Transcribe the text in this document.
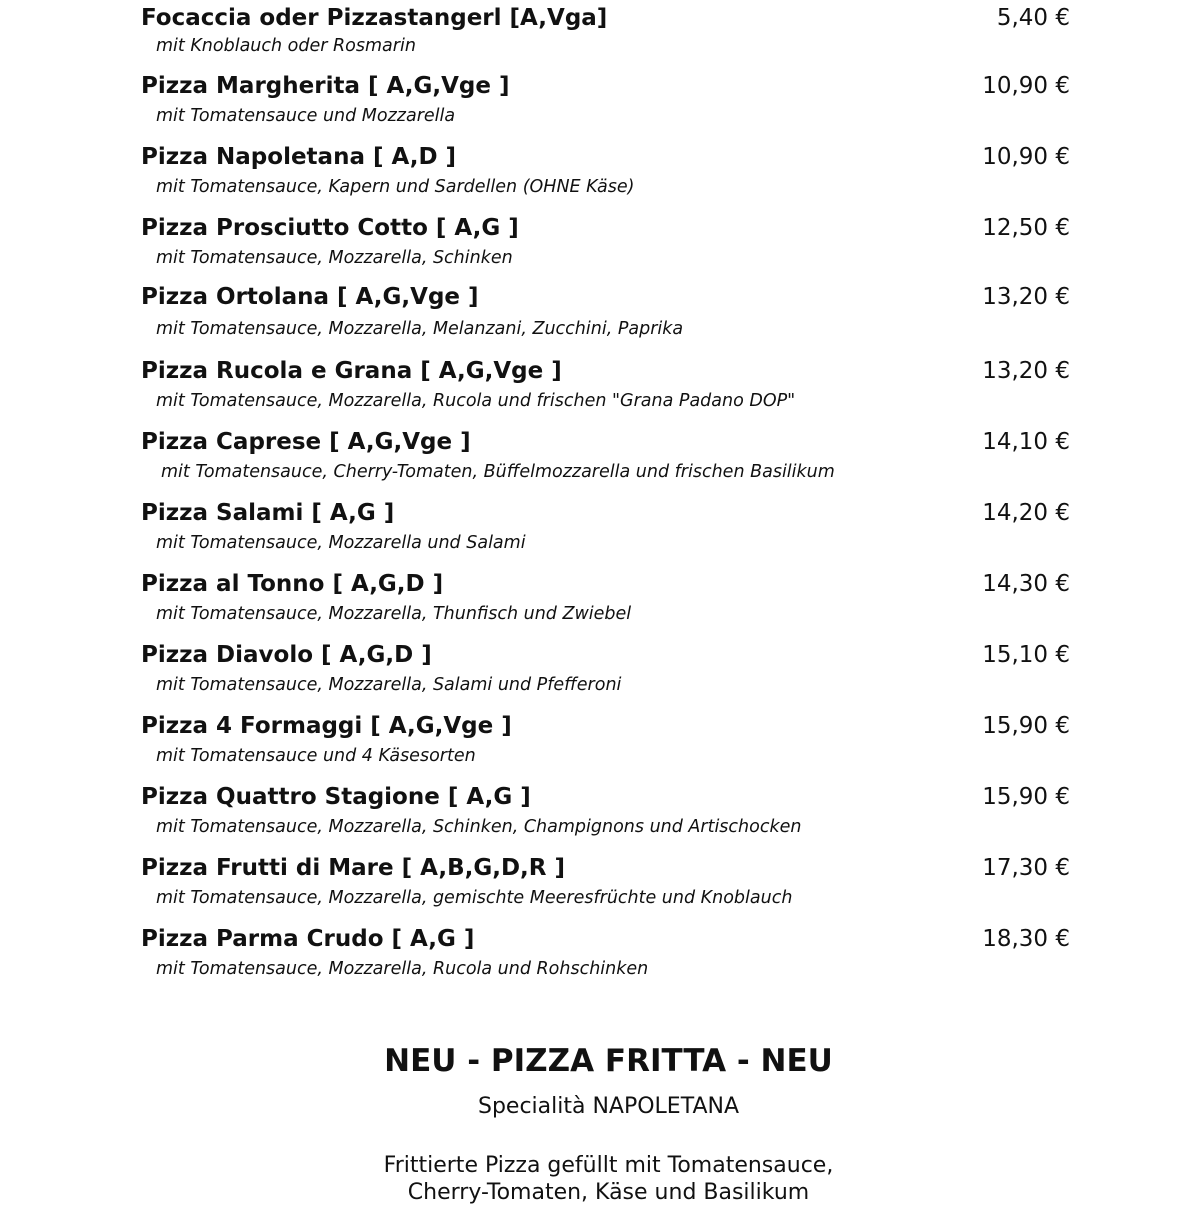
Focaccia oder Pizzastangerl [A,Vga]	5,40 €
mit Knoblauch oder Rosmarin
Pizza Margherita [ A,G,Vge ]	10,90 €
mit Tomatensauce und Mozzarella
Pizza Napoletana [ A,D ]	10,90 €
mit Tomatensauce, Kapern und Sardellen (OHNE Käse)
Pizza Prosciutto Cotto [ A,G ]	12,50 €
mit Tomatensauce, Mozzarella, Schinken
Pizza Ortolana [ A,G,Vge ]	13,20 €
mit Tomatensauce, Mozzarella, Melanzani, Zucchini, Paprika
Pizza Rucola e Grana [ A,G,Vge ]	13,20 €
mit Tomatensauce, Mozzarella, Rucola und frischen "Grana Padano DOP"
Pizza Caprese [ A,G,Vge ]	14,10 €
mit Tomatensauce, Cherry-Tomaten, Büffelmozzarella und frischen Basilikum
Pizza Salami [ A,G ]	14,20 €
mit Tomatensauce, Mozzarella und Salami
Pizza al Tonno [ A,G,D ]	14,30 €
mit Tomatensauce, Mozzarella, Thunfisch und Zwiebel
Pizza Diavolo [ A,G,D ]	15,10 €
mit Tomatensauce, Mozzarella, Salami und Pfefferoni
Pizza 4 Formaggi [ A,G,Vge ]	15,90 €
mit Tomatensauce und 4 Käsesorten
Pizza Quattro Stagione [ A,G ]	15,90 €
mit Tomatensauce, Mozzarella, Schinken, Champignons und Artischocken
Pizza Frutti di Mare [ A,B,G,D,R ]	17,30 €
mit Tomatensauce, Mozzarella, gemischte Meeresfrüchte und Knoblauch
Pizza Parma Crudo [ A,G ]	18,30 €
mit Tomatensauce, Mozzarella, Rucola und Rohschinken
NEU - PIZZA FRITTA - NEU
Specialità NAPOLETANA
Frittierte Pizza gefüllt mit Tomatensauce,
Cherry-Tomaten, Käse und Basilikum
